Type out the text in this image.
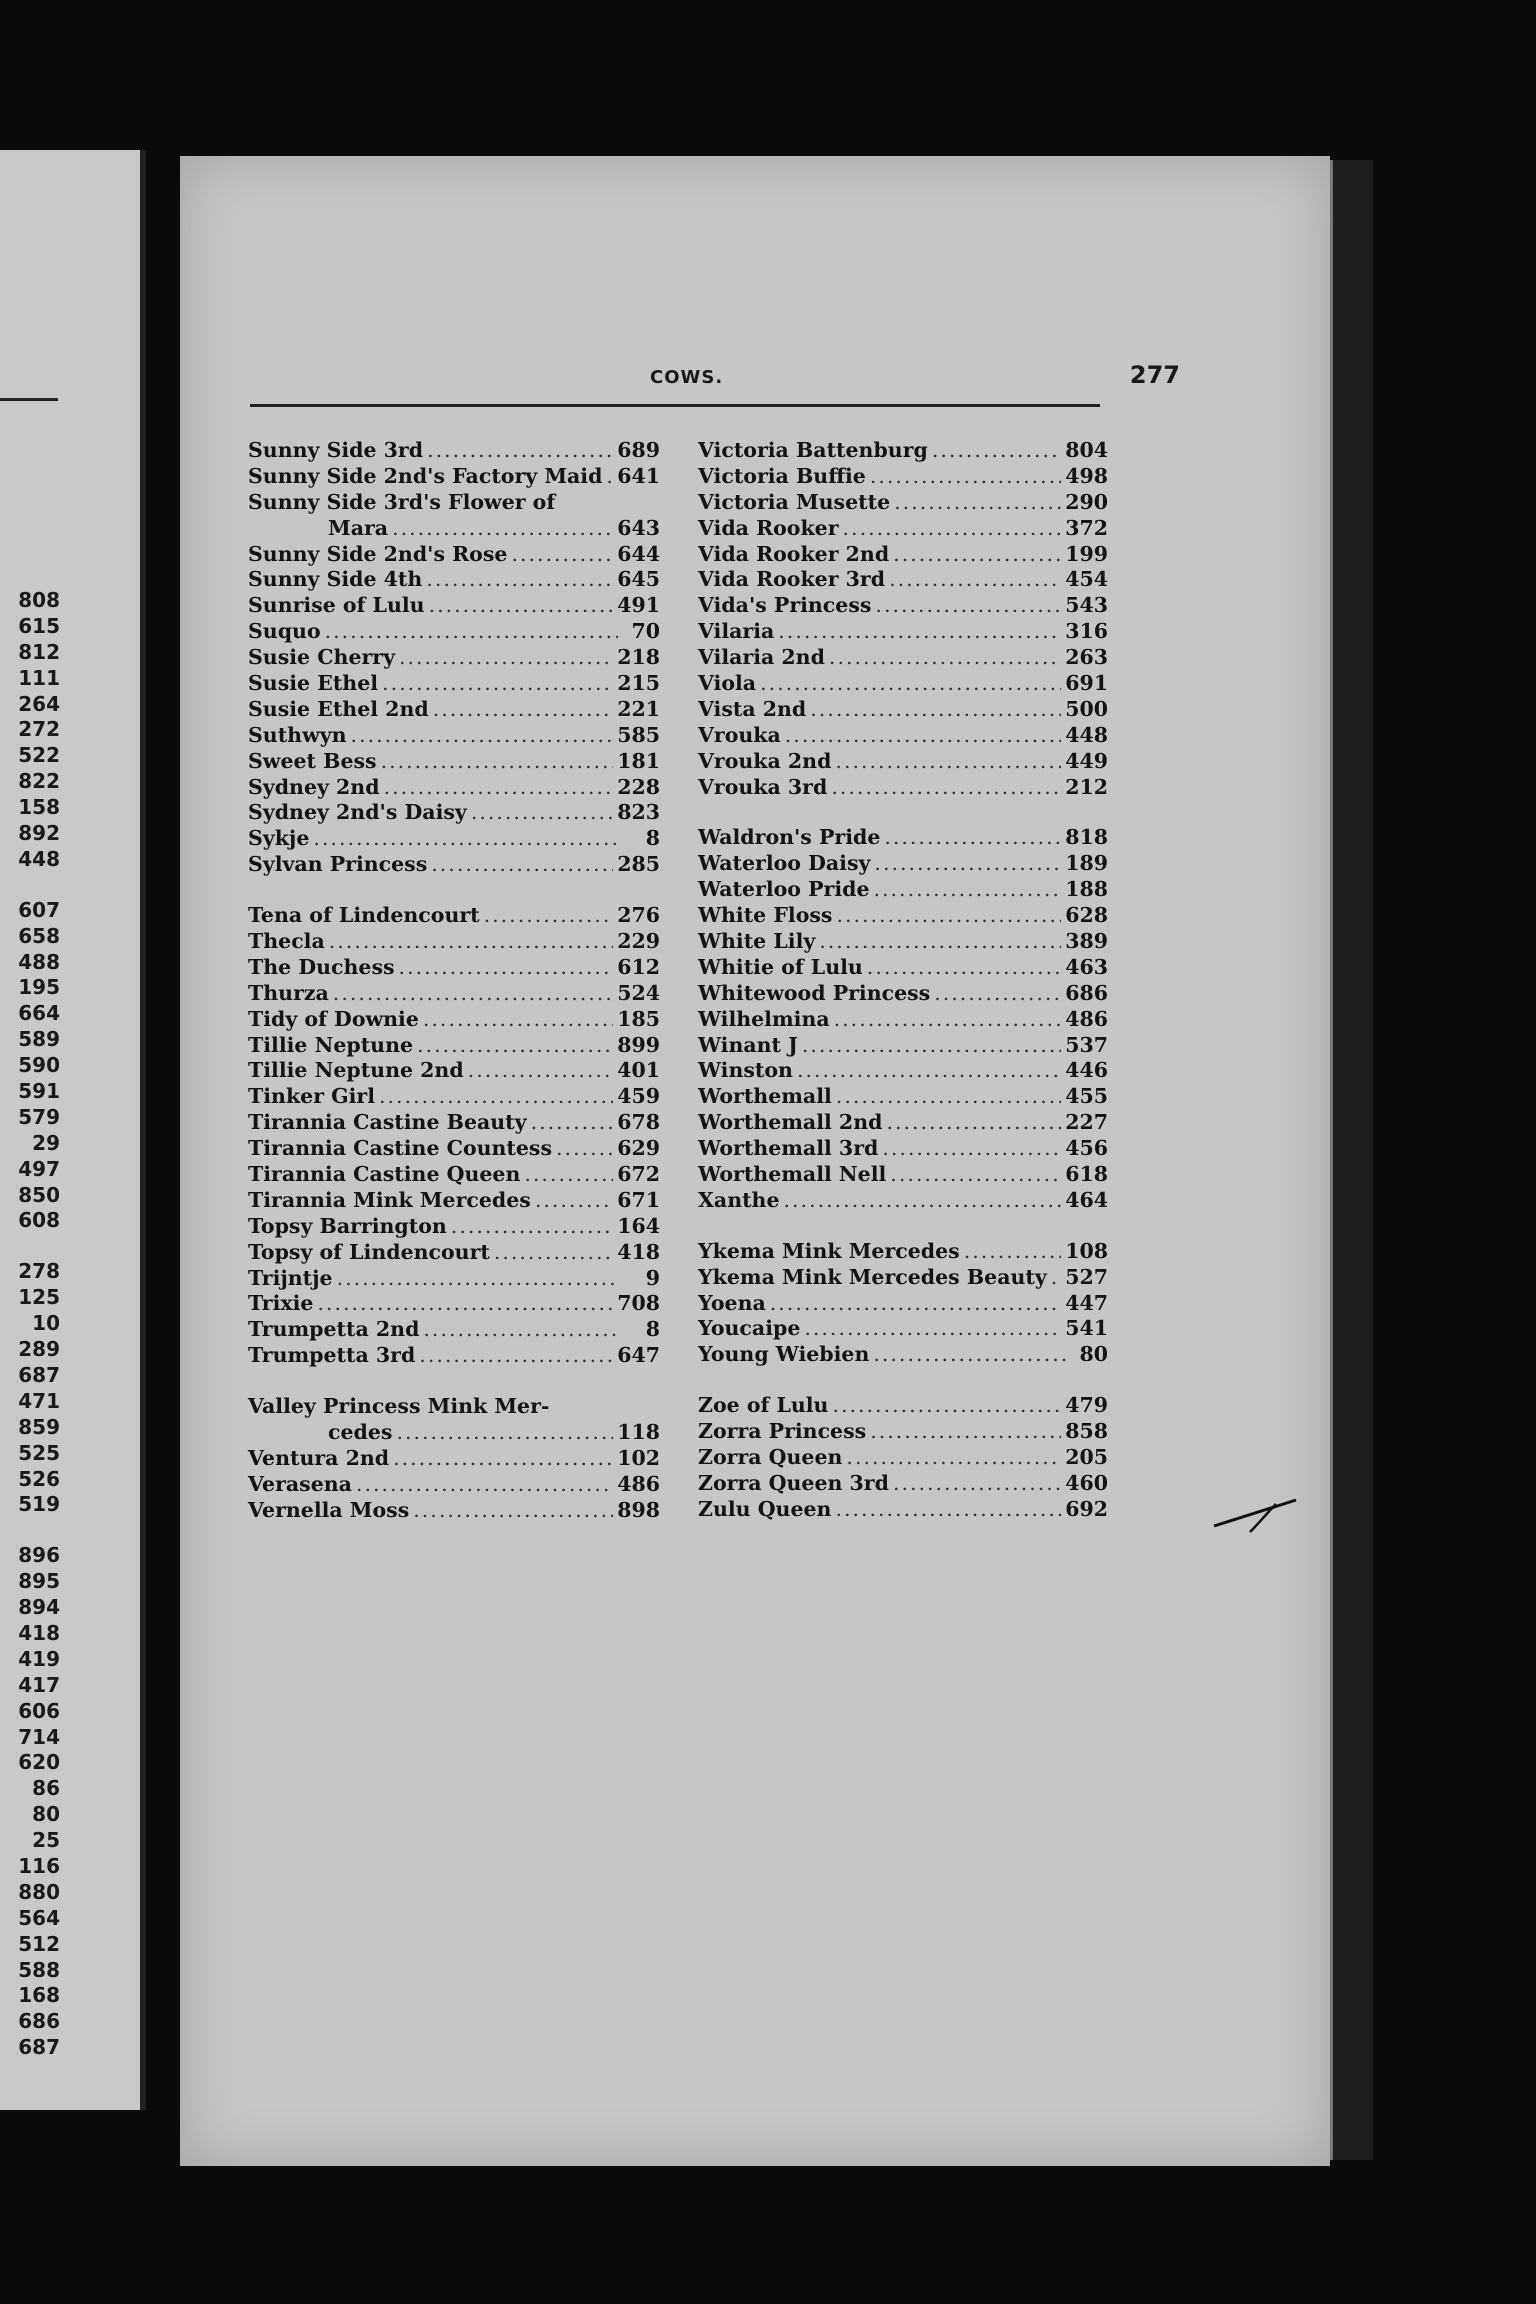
808
615
812
111
264
272
522
822
158
892
448
607
658
488
195
664
589
590
591
579
29
497
850
608
278
125
10
289
687
471
859
525
526
519
896
895
894
418
419
417
606
714
620
86
80
25
116
880
564
512
588
168
686
687
COWS.	277
Sunny Side 3rd .....	689
Sunny Side 2nd's Factory Maid ..... 641
Sunny Side 3rd's Flower of
Mara .....	643
Sunny Side 2nd's Rose .....	644
Sunny Side 4th .....	645
Sunrise of Lulu .....	491
Suquo .....	70
Susie Cherry .....	218
Susie Ethel .....	215
Susie Ethel 2nd .....	221
Suthwyn .....	585
Sweet Bess .....	181
Sydney 2nd .....	228
Sydney 2nd's Daisy .....	823
Sykje .....	8
Sylvan Princess .....	285
Tena of Lindencourt .....	276
Thecla .....	229
The Duchess .....	612
Thurza .....	524
Tidy of Downie .....	185
Tillie Neptune .....	899
Tillie Neptune 2nd .....	401
Tinker Girl .....	459
Tirannia Castine Beauty .....	678
Tirannia Castine Countess .....	629
Tirannia Castine Queen .....	672
Tirannia Mink Mercedes .....	671
Topsy Barrington .....	164
Topsy of Lindencourt .....	418
Trijntje .....	9
Trixie .....	708
Trumpetta 2nd .....	8
Trumpetta 3rd .....	647
Valley Princess Mink Mer-
cedes .....	118
Ventura 2nd .....	102
Verasena .....	486
Vernella Moss .....	898
Victoria Battenburg .....	804
Victoria Buffie .....	498
Victoria Musette .....	290
Vida Rooker .....	372
Vida Rooker 2nd .....	199
Vida Rooker 3rd .....	454
Vida's Princess .....	543
Vilaria .....	316
Vilaria 2nd .....	263
Viola .....	691
Vista 2nd .....	500
Vrouka .....	448
Vrouka 2nd .....	449
Vrouka 3rd .....	212
Waldron's Pride .....	818
Waterloo Daisy .....	189
Waterloo Pride .....	188
White Floss .....	628
White Lily .....	389
Whitie of Lulu .....	463
Whitewood Princess .....	686
Wilhelmina .....	486
Winant J .....	537
Winston .....	446
Worthemall .....	455
Worthemall 2nd .....	227
Worthemall 3rd .....	456
Worthemall Nell .....	618
Xanthe .....	464
Ykema Mink Mercedes .....	108
Ykema Mink Mercedes Beauty ..... 527
Yoena .....	447
Youcaipe .....	541
Young Wiebien .....	80
Zoe of Lulu .....	479
Zorra Princess .....	858
Zorra Queen .....	205
Zorra Queen 3rd .....	460
Zulu Queen .....	692
